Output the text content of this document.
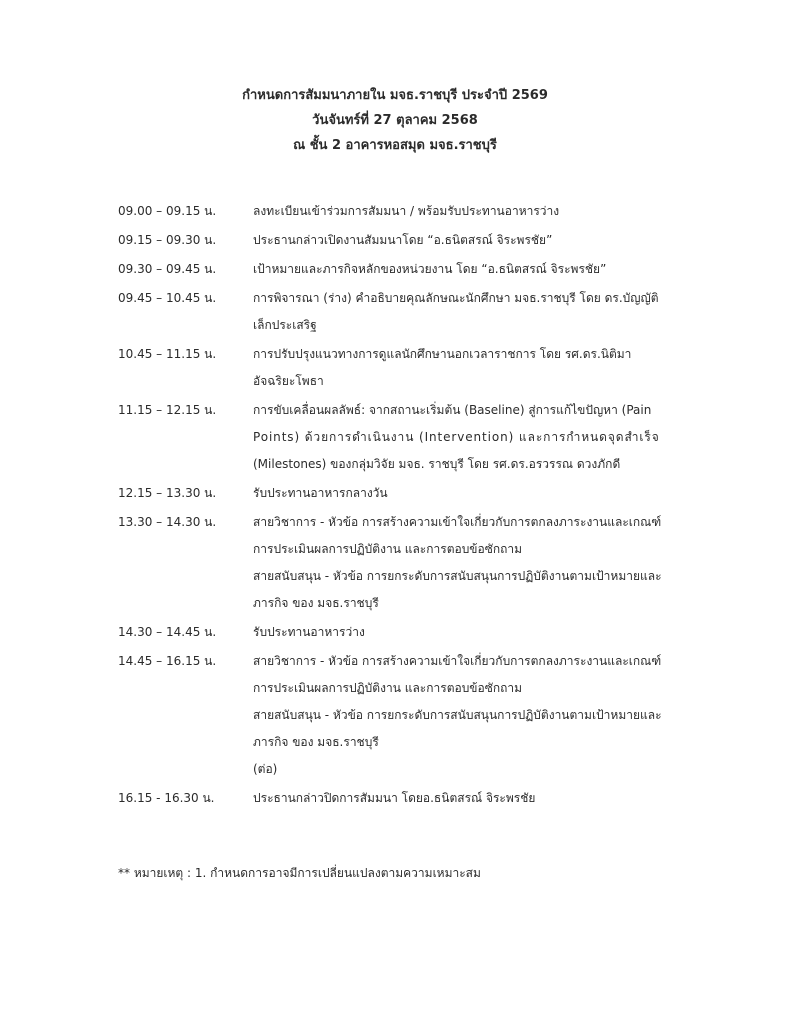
กำหนดการสัมมนาภายใน มจธ.ราชบุรี ประจำปี 2569
วันจันทร์ที่ 27 ตุลาคม 2568
ณ ชั้น 2 อาคารหอสมุด มจธ.ราชบุรี
09.00 – 09.15 น.	ลงทะเบียนเข้าร่วมการสัมมนา / พร้อมรับประทานอาหารว่าง
09.15 – 09.30 น.	ประธานกล่าวเปิดงานสัมมนาโดย “อ.ธนิตสรณ์ จิระพรชัย”
09.30 – 09.45 น.	เป้าหมายและภารกิจหลักของหน่วยงาน โดย “อ.ธนิตสรณ์ จิระพรชัย”
09.45 – 10.45 น.	การพิจารณา (ร่าง) คำอธิบายคุณลักษณะนักศึกษา มจธ.ราชบุรี โดย ดร.บัญญัติ
เล็กประเสริฐ
10.45 – 11.15 น.	การปรับปรุงแนวทางการดูแลนักศึกษานอกเวลาราชการ โดย รศ.ดร.นิติมา
อัจฉริยะโพธา
11.15 – 12.15 น.	การขับเคลื่อนผลลัพธ์: จากสถานะเริ่มต้น (Baseline) สู่การแก้ไขปัญหา (Pain
Points) ด้วยการดำเนินงาน (Intervention) และการกำหนดจุดสำเร็จ
(Milestones) ของกลุ่มวิจัย มจธ. ราชบุรี โดย รศ.ดร.อรวรรณ ดวงภักดี
12.15 – 13.30 น.	รับประทานอาหารกลางวัน
13.30 – 14.30 น.	สายวิชาการ - หัวข้อ การสร้างความเข้าใจเกี่ยวกับการตกลงภาระงานและเกณฑ์
การประเมินผลการปฏิบัติงาน และการตอบข้อซักถาม
สายสนับสนุน - หัวข้อ การยกระดับการสนับสนุนการปฏิบัติงานตามเป้าหมายและ
ภารกิจ ของ มจธ.ราชบุรี
14.30 – 14.45 น.	รับประทานอาหารว่าง
14.45 – 16.15 น.	สายวิชาการ - หัวข้อ การสร้างความเข้าใจเกี่ยวกับการตกลงภาระงานและเกณฑ์
การประเมินผลการปฏิบัติงาน และการตอบข้อซักถาม
สายสนับสนุน - หัวข้อ การยกระดับการสนับสนุนการปฏิบัติงานตามเป้าหมายและ
ภารกิจ ของ มจธ.ราชบุรี
(ต่อ)
16.15 - 16.30 น.	ประธานกล่าวปิดการสัมมนา โดยอ.ธนิตสรณ์ จิระพรชัย
** หมายเหตุ : 1. กำหนดการอาจมีการเปลี่ยนแปลงตามความเหมาะสม
